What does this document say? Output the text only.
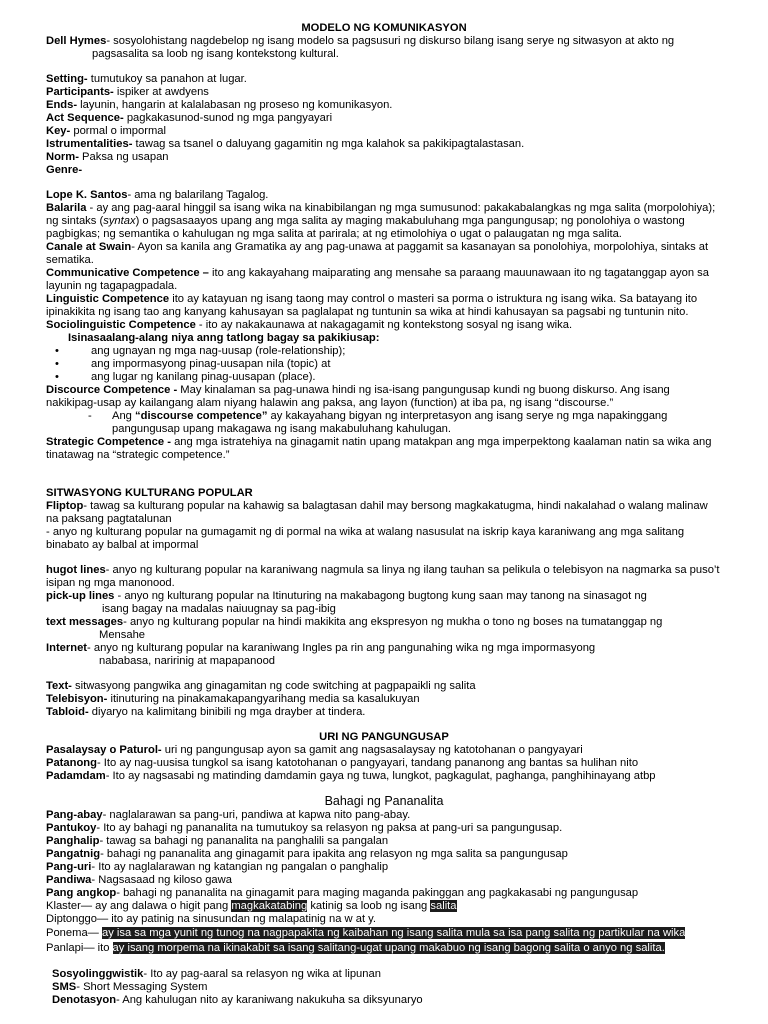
MODELO NG KOMUNIKASYON
Dell Hymes- sosyolohistang nagdebelop ng isang modelo sa pagsusuri ng diskurso bilang isang serye ng sitwasyon at akto ng
pagsasalita sa loob ng isang kontekstong kultural.
Setting- tumutukoy sa panahon at lugar.
Participants- ispiker at awdyens
Ends- layunin, hangarin at kalalabasan ng proseso ng komunikasyon.
Act Sequence- pagkakasunod-sunod ng mga pangyayari
Key- pormal o impormal
Istrumentalities- tawag sa tsanel o daluyang gagamitin ng mga kalahok sa pakikipagtalastasan.
Norm- Paksa ng usapan
Genre-
Lope K. Santos- ama ng balarilang Tagalog.
Balarila - ay ang pag-aaral hinggil sa isang wika na kinabibilangan ng mga sumusunod: pakakabalangkas ng mga salita (morpolohiya);
ng sintaks (syntax) o pagsasaayos upang ang mga salita ay maging makabuluhang mga pangungusap; ng ponolohiya o wastong
pagbigkas; ng semantika o kahulugan ng mga salita at parirala; at ng etimolohiya o ugat o palaugatan ng mga salita.
Canale at Swain- Ayon sa kanila ang Gramatika ay ang pag-unawa at paggamit sa kasanayan sa ponolohiya, morpolohiya, sintaks at
sematika.
Communicative Competence – ito ang kakayahang maiparating ang mensahe sa paraang mauunawaan ito ng tagatanggap ayon sa
layunin ng tagapagpadala.
Linguistic Competence ito ay katayuan ng isang taong may control o masteri sa porma o istruktura ng isang wika. Sa batayang ito
ipinakikita ng isang tao ang kanyang kahusayan sa paglalapat ng tuntunin sa wika at hindi kahusayan sa pagsabi ng tuntunin nito.
Sociolinguistic Competence - ito ay nakakaunawa at nakagagamit ng kontekstong sosyal ng isang wika.
Isinasaalang-alang niya anng tatlong bagay sa pakikiusap:
•	ang ugnayan ng mga nag-uusap (role-relationship);
•	ang impormasyong pinag-uusapan nila (topic) at
•	ang lugar ng kanilang pinag-uusapan (place).
Discource Competence - May kinalaman sa pag-unawa hindi ng isa-isang pangungusap kundi ng buong diskurso. Ang isang
nakikipag-usap ay kailangang alam niyang halawin ang paksa, ang layon (function) at iba pa, ng isang “discourse.”
- Ang “discourse competence” ay kakayahang bigyan ng interpretasyon ang isang serye ng mga napakinggang
pangungusap upang makagawa ng isang makabuluhang kahulugan.
Strategic Competence - ang mga istratehiya na ginagamit natin upang matakpan ang mga imperpektong kaalaman natin sa wika ang
tinatawag na “strategic competence.”
SITWASYONG KULTURANG POPULAR
Fliptop- tawag sa kulturang popular na kahawig sa balagtasan dahil may bersong magkakatugma, hindi nakalahad o walang malinaw
na paksang pagtatalunan
- anyo ng kulturang popular na gumagamit ng di pormal na wika at walang nasusulat na iskrip kaya karaniwang ang mga salitang
binabato ay balbal at impormal
hugot lines- anyo ng kulturang popular na karaniwang nagmula sa linya ng ilang tauhan sa pelikula o telebisyon na nagmarka sa puso’t
isipan ng mga manonood.
pick-up lines - anyo ng kulturang popular na Itinuturing na makabagong bugtong kung saan may tanong na sinasagot ng
isang bagay na madalas naiuugnay sa pag-ibig
text messages- anyo ng kulturang popular na hindi makikita ang ekspresyon ng mukha o tono ng boses na tumatanggap ng
Mensahe
Internet- anyo ng kulturang popular na karaniwang Ingles pa rin ang pangunahing wika ng mga impormasyong
nababasa, naririnig at mapapanood
Text- sitwasyong pangwika ang ginagamitan ng code switching at pagpapaikli ng salita
Telebisyon- itinuturing na pinakamakapangyarihang media sa kasalukuyan
Tabloid- diyaryo na kalimitang binibili ng mga drayber at tindera.
URI NG PANGUNGUSAP
Pasalaysay o Paturol- uri ng pangungusap ayon sa gamit ang nagsasalaysay ng katotohanan o pangyayari
Patanong- Ito ay nag-uusisa tungkol sa isang katotohanan o pangyayari, tandang pananong ang bantas sa hulihan nito
Padamdam- Ito ay nagsasabi ng matinding damdamin gaya ng tuwa, lungkot, pagkagulat, paghanga, panghihinayang atbp
Bahagi ng Pananalita
Pang-abay- naglalarawan sa pang-uri, pandiwa at kapwa nito pang-abay.
Pantukoy- Ito ay bahagi ng pananalita na tumutukoy sa relasyon ng paksa at pang-uri sa pangungusap.
Panghalip- tawag sa bahagi ng pananalita na panghalili sa pangalan
Pangatnig- bahagi ng pananalita ang ginagamit para ipakita ang relasyon ng mga salita sa pangungusap
Pang-uri- Ito ay naglalarawan ng katangian ng pangalan o panghalip
Pandiwa- Nagsasaad ng kiloso gawa
Pang angkop- bahagi ng pananalita na ginagamit para maging maganda pakinggan ang pagkakasabi ng pangungusap
Klaster— ay ang dalawa o higit pang magkakatabing katinig sa loob ng isang salita
Diptonggo— ito ay patinig na sinusundan ng malapatinig na w at y.
Ponema— ay isa sa mga yunit ng tunog na nagpapakita ng kaibahan ng isang salita mula sa isa pang salita ng partikular na wika
Panlapi— ito ay isang morpema na ikinakabit sa isang salitang-ugat upang makabuo ng isang bagong salita o anyo ng salita.
Sosyolinggwistik- Ito ay pag-aaral sa relasyon ng wika at lipunan
SMS- Short Messaging System
Denotasyon- Ang kahulugan nito ay karaniwang nakukuha sa diksyunaryo
